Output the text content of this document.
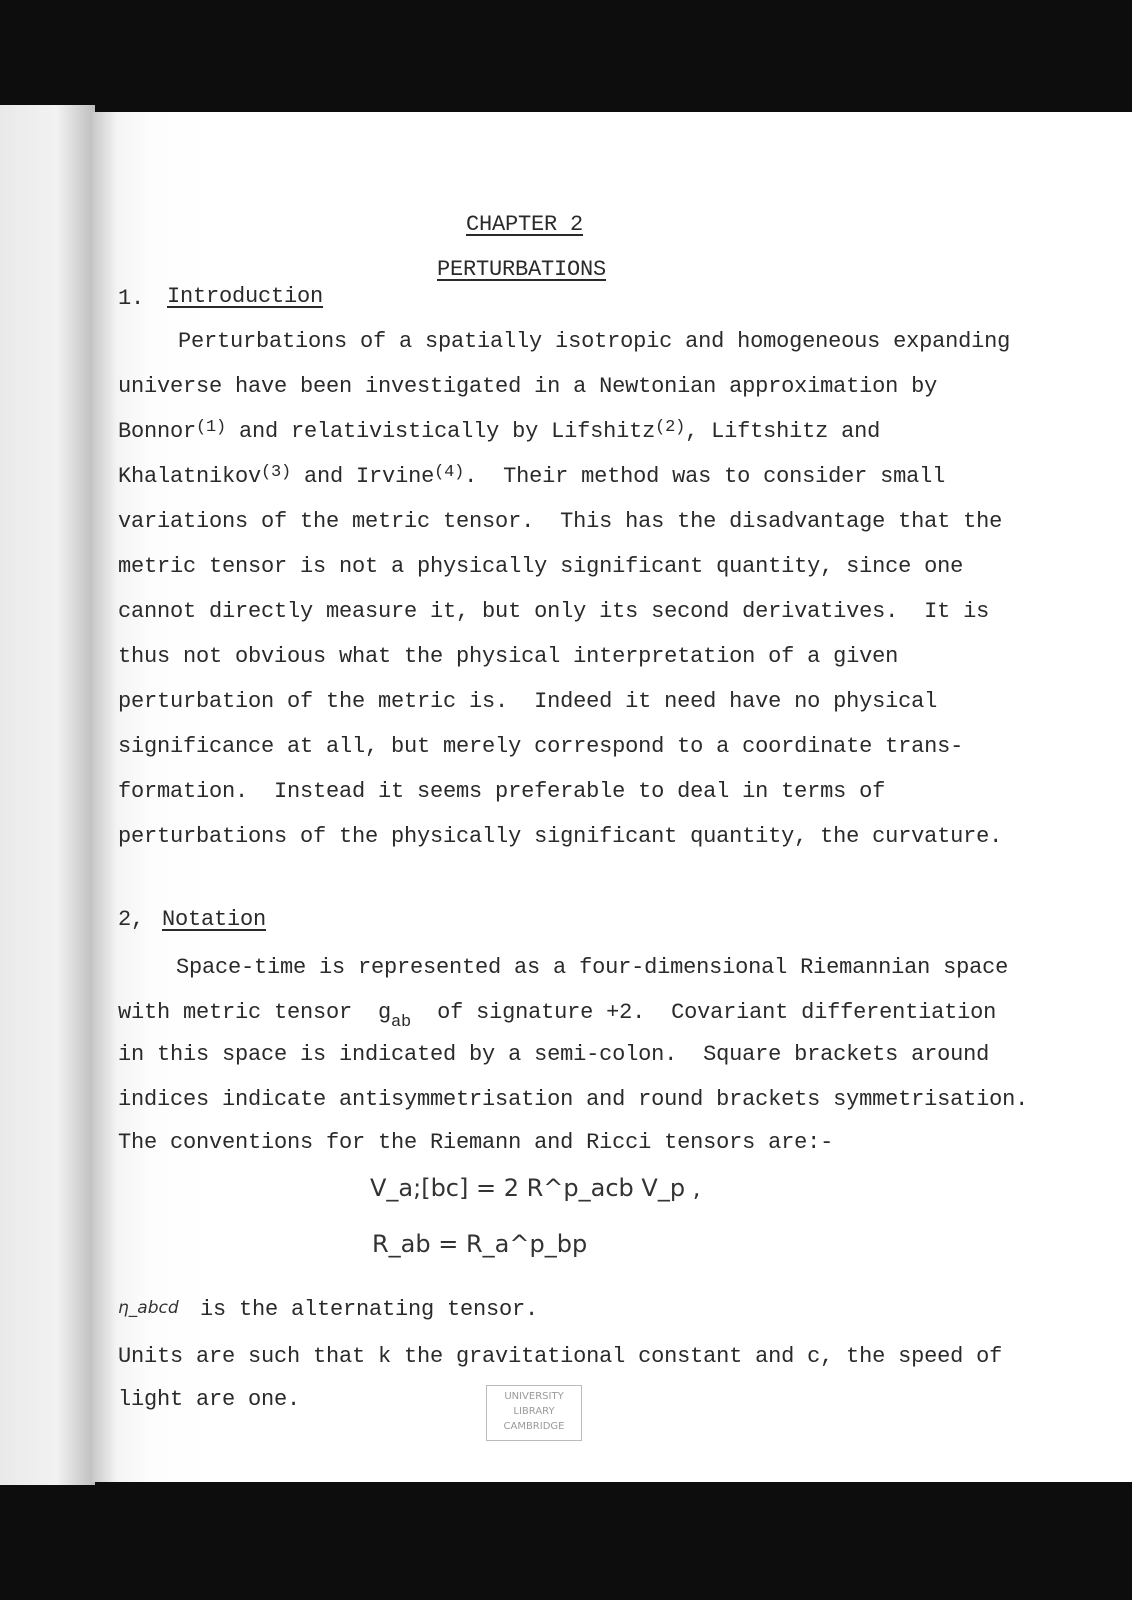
CHAPTER 2
PERTURBATIONS
1. Introduction
Perturbations of a spatially isotropic and homogeneous expanding
universe have been investigated in a Newtonian approximation by
Bonnor$^{(1)}$ and relativistically by Lifshitz$^{(2)}$, Liftshitz and
Khalatnikov$^{(3)}$ and Irvine$^{(4)}$.  Their method was to consider small
variations of the metric tensor.  This has the disadvantage that the
metric tensor is not a physically significant quantity, since one
cannot directly measure it, but only its second derivatives.  It is
thus not obvious what the physical interpretation of a given
perturbation of the metric is.  Indeed it need have no physical
significance at all, but merely correspond to a coordinate trans-
formation.  Instead it seems preferable to deal in terms of
perturbations of the physically significant quantity, the curvature.
2, Notation
Space-time is represented as a four-dimensional Riemannian space
with metric tensor  $g_{ab}$  of signature +2.  Covariant differentiation
in this space is indicated by a semi-colon.  Square brackets around
indices indicate antisymmetrisation and round brackets symmetrisation.
The conventions for the Riemann and Ricci tensors are:-
V_a;[bc] = 2 R^p_acb V_p ,
R_ab = R_a^p_bp
η_abcd is the alternating tensor.
Units are such that k the gravitational constant and c, the speed of
light are one.	UNIVERSITY
LIBRARY
CAMBRIDGE
